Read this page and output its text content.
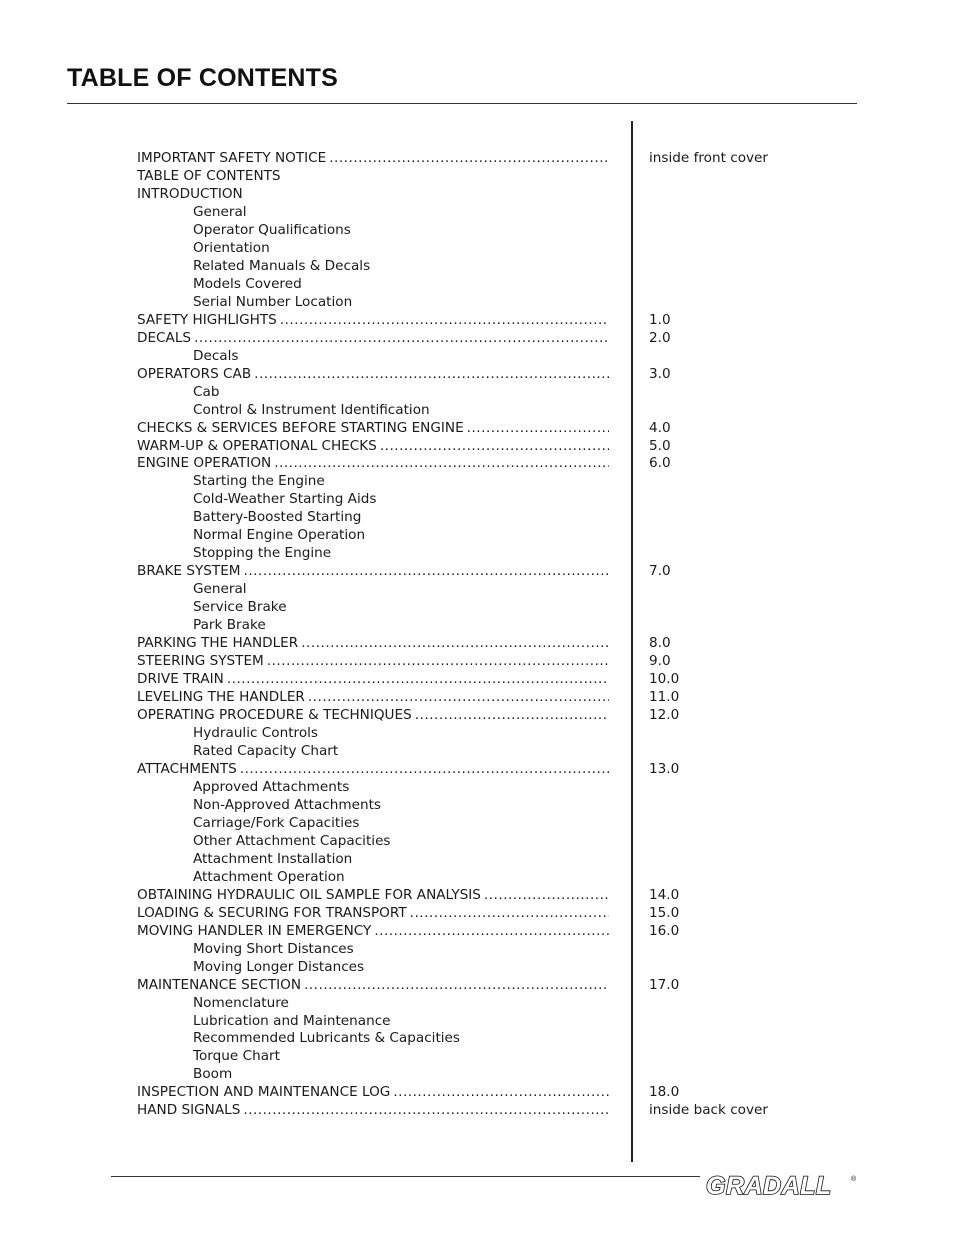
TABLE OF CONTENTS
IMPORTANT SAFETY NOTICE .....	inside front cover
TABLE OF CONTENTS
INTRODUCTION
General
Operator Qualifications
Orientation
Related Manuals & Decals
Models Covered
Serial Number Location
SAFETY HIGHLIGHTS .....	1.0
DECALS .....	2.0
Decals
OPERATORS CAB .....	3.0
Cab
Control & Instrument Identification
CHECKS & SERVICES BEFORE STARTING ENGINE .....	4.0
WARM-UP & OPERATIONAL CHECKS .....	5.0
ENGINE OPERATION .....	6.0
Starting the Engine
Cold-Weather Starting Aids
Battery-Boosted Starting
Normal Engine Operation
Stopping the Engine
BRAKE SYSTEM .....	7.0
General
Service Brake
Park Brake
PARKING THE HANDLER .....	8.0
STEERING SYSTEM .....	9.0
DRIVE TRAIN .....	10.0
LEVELING THE HANDLER .....	11.0
OPERATING PROCEDURE & TECHNIQUES .....	12.0
Hydraulic Controls
Rated Capacity Chart
ATTACHMENTS .....	13.0
Approved Attachments
Non-Approved Attachments
Carriage/Fork Capacities
Other Attachment Capacities
Attachment Installation
Attachment Operation
OBTAINING HYDRAULIC OIL SAMPLE FOR ANALYSIS .....	14.0
LOADING & SECURING FOR TRANSPORT .....	15.0
MOVING HANDLER IN EMERGENCY .....	16.0
Moving Short Distances
Moving Longer Distances
MAINTENANCE SECTION .....	17.0
Nomenclature
Lubrication and Maintenance
Recommended Lubricants & Capacities
Torque Chart
Boom
INSPECTION AND MAINTENANCE LOG .....	18.0
HAND SIGNALS .....	inside back cover
GRADALL	®
